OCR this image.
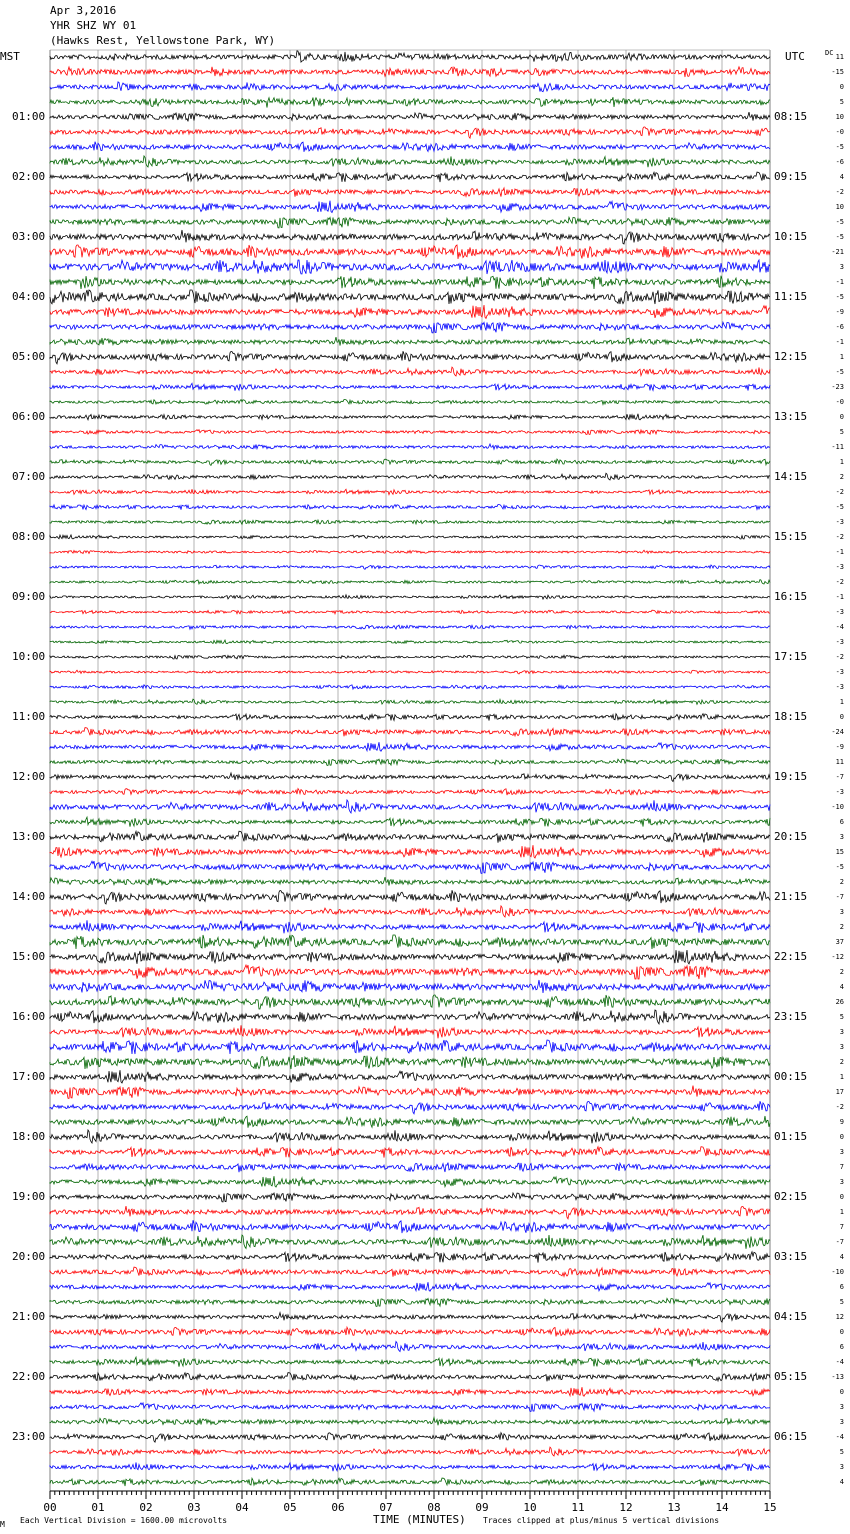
Apr 3,2016
YHR SHZ WY 01
(Hawks Rest, Yellowstone Park, WY)
MST	UTC	DC
00	01	02	03	04	05	06	07	08	09	10	11	12	13	14	15
01:00	08:15
02:00	09:15
03:00	10:15
04:00	11:15
05:00	12:15
06:00	13:15
07:00	14:15
08:00	15:15
09:00	16:15
10:00	17:15
11:00	18:15
12:00	19:15
13:00	20:15
14:00	21:15
15:00	22:15
16:00	23:15
17:00	00:15
18:00	01:15
19:00	02:15
20:00	03:15
21:00	04:15
22:00	05:15
23:00	06:15
11
-15
0
5
10
-0
-5
-6
4
-2
10
-5
-5
-21
3
-1
-5
-9
-6
-1
1
-5
-23
-0
0
5
-11
1
2
-2
-5
-3
-2
-1
-3
-2
-1
-3
-4
-3
-2
-3
-3
1
0
-24
-9
11
-7
-3
-10
6
3
15
-5
2
-7
3
2
37
-12
2
4
26
5
3
3
2
1
17
-2
9
0
3
7
3
0
1
7
-7
4
-10
6
5
12
0
6
-4
-13
0
3
3
-4
5
3
4
M Each Vertical Division = 1600.00 microvolts	TIME (MINUTES) Traces clipped at plus/minus 5 vertical divisions
